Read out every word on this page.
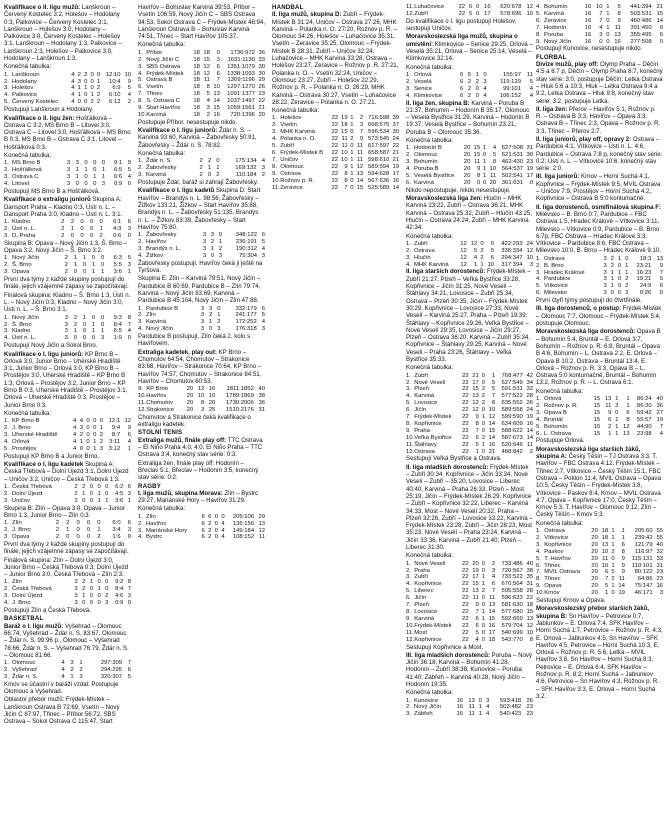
Kvalifikace o II. ligu mužů: Lanškroun – Červený Kostelec 3:2, Holešov – Hodolany 0:3, Palkovice – Červený Kostelec 3:1, Lanškroun – Holešov 3:0, Hodolany – Palkovice 3:0, Červený Kostelec – Holešov 3:1, Lanškroun – Hodolany 1:3, Palkovice – Lanškroun 2:3, Holešov – Palkovice 3:0, Hodolany – Lanškroun 1:3.

Konečná tabulka:

1.	Lanškroun	4	2	2	0	0	12:10	10
2.	Hodolany	4	3	0	0	1	10:4	9
3.	Holešov	4	1	1	0	2	6:9	5
4.	Palkovice	4	1	0	1	2	6:10	4
5.	Červený Kostelec	4	0	0	2	2	6:12	2

Postupují Lanškroun a Hodolany.

Kvalifikace o II. ligu žen: Hošťálková – Ostrava C 3:2, MS Brno B – Litovel 3:0, Ostrava C – Litovel 3:0, Hošťálková – MS Brno B 0:3, MS Brno B – Ostrava C 3:1, Litovel – Hošťálková 0:3.

Konečná tabulka:

1.	MS Brno B	3	3	0	0	0	9:1	9
2.	Hošťálková	3	1	1	0	1	6:5	5
3.	Ostrava C	3	1	0	1	1	6:6	4
4.	Litovel	3	0	0	0	3	0:9	0

Postupují MS Brno B a Hošťálková.

Kvalifikace o extraligu juniorů Skupina A: Dansport Praha – Kladno 0:3, Ústí n. L. – Dansport Praha 3:0, Kladno – Ústí n. L. 3:1.

1.	Kladno	2	2	0	0	0	6:1	6
2.	Ústí n. L.	2	1	0	0	1	4:3	3
3.	D. Praha	2	0	0	0	2	0:6	0

Skupina B: Opava – Nový Jičín 1:3, Š. Brno – Opava 3:2, Nový Jičín – Š. Brno 3:2.

1.	Nový Jičín	2	1	1	0	0	6:3	5
2.	Š. Brno	2	1	0	1	0	5:5	3
3.	Opava	2	0	0	1	1	3:6	1

První dva týmy z každé skupiny postupují do finále, jejich vzájemné zápasy se započítávají.

Finálová skupina: Kladno – Š. Brno 1:3, Ústí n. L. – Nový Jičín 0:3, Kladno – Nový Jičín 3:0, Ústí n. L. – Š. Brno 3:1.

1.	Nový Jičín	3	2	1	0	0	9:3	8
2.	Š. Brno	3	2	0	1	0	8:4	7
3.	Kladno	3	1	0	1	1	6:5	4
4.	Ústí n. L.	3	0	0	0	3	1:9	0

Postupují Nový Jičín a Sokol Brno.

Kvalifikace o I. ligu juniorů: KP Brno B – Orlová 3:0, Junior Brno – Uherské Hradiště 3:1, Junior Brno – Orlová 3:0, KP Brno B – Prostějov 3:0, Uherské Hradiště – KP Brno B 1:3, Orlová – Prostějov 3:2, Junior Brno – KP Brno B 0:3, Uherské Hradiště – Prostějov 3:1, Orlová – Uherské Hradiště 0:3, Prostějov – Junior Brno 0:3.

Konečná tabulka:

1.	KP Brno B	4	4	0	0	0	12:1	12
2.	J. Brno	4	3	0	0	1	9:4	9
3.	Uherské Hradiště	4	2	0	0	2	8:7	6
4.	Orlová	4	1	0	1	2	3:11	4
5.	Prostějov	4	0	0	1	3	3:12	1

Postupují KP Brno B a Junior Brno.

Kvalifikace o I. ligu kadetek Skupina A: Česká Třebová – Dolní Újezd 3:1, Dolní Újezd – Uničov 3:2, Uničov – Česká Třebová 1:3.

1.	Česká Třebová	2	2	0	0	0	6:2	6
2.	Dolní Újezd	2	1	0	1	0	4:5	3
3.	Uničov	2	0	0	1	1	3:6	1

Skupina B: Zlín – Opava 3:0, Opava – Junior Brno 1:3, Junior Brno – Zlín 0:3.

1.	Zlín	2	2	0	0	0	6:0	6
2.	J. Brno	2	1	0	0	1	3:4	3
3.	Opava	2	0	0	0	2	1:6	0

První dva týmy z každé skupiny postupují do finále, jejich vzájemné zápasy se započítávají.

Finálová skupina: Zlín – Dolní Újezd 3:0, Junior Brno – Česká Třebová 0:3, Dolní Újezd – Junior Brno 3:0, Česká Třebová – Zlín 2:3.

1.	Zlín	3	2	1	0	0	9:2	8
2.	Česká Třebová	3	2	0	1	0	8:4	7
3.	Dolní Újezd	3	1	0	0	2	4:6	3
4.	J. Brno	3	0	0	0	3	0:9	0

Postupují Zlín a Česká Třebová.

BASKETBAL

Baráž o I. ligu mužů: Vyšehrad – Olomouc 66:74, Vyšehrad – Ždár n. S. 83:67, Olomouc – Ždár n. S. 99:96 p., Olomouc – Vyšehrad 78:66, Ždár n. S. – Vyšehrad 76:79, Ždár n. S. – Olomouc 81:66.

1.	Olomouc	4	3	1	297:309	7
2.	Vyšehrad	4	2	2	294:295	6
3.	Ždár n. S.	4	1	3	320:307	5

Kmov se účastní v baráži vzdal. Postupuje Olomouc a Vyšehrad.

Oblastní přebor mužů: Frýdek-Místek – Lanškroun Ostrava B 72:69, Vsetín – Nový Jičín C 87:97, Třinec – Příbor 56:72, SBS Ostrava – Sokol Ostrava C 115:47, Start

Havířov – Bohuslav Karviná 39:53, Příbor – Vsetín 106:59, Nový Jičín C – SBS Ostrava 94:53, Sokol Ostrava C – Frýdek-Místek 46:94, Lanškroun Ostrava B – Bohuslav Karviná 74:51, Třinec – Start Havířov 105:37.

Konečná tabulka:

1.	Příbor	18	18	0	1736:972	36
2.	Nový Jičín C	18	15	3	1631:1130	33
3.	SBS Ostrava	18	12	6	1351:1079	30
4.	Frýdek-Místek	18	12	6	1338:1093	30
5.	Ostrava B	18	11	7	1309:1196	29
6.	Vsetín	18	8	10	1297:1270	26
7.	Třinec	18	5	13	1091:1377	23
8.	S. Ostrava C	18	4	14	1037:1497	22
9.	Start Havířov	18	3	15	1059:1561	21
10.	Karviná	18	2	16	720:1396	20

Postupuje Příbor, nesestupuje nikdo.

Kvalifikace o I. ligu juniorů: Ždár n. S. – Karviná 93:60, Karviná – Žabovřesky 50:91, Žabovřesky – Ždár n. S. 78:82.

Konečná tabulka:

1.	Ždár n. S.	2	2	0	175:134	4
2.	Žabovřesky	2	1	1	169:132	3
3.	Karviná	2	0	2	110:184	2

Postupuje Ždár, baráž si zahrají Žabovřesky.

Kvalifikace o I. ligu kadetů Skupina D: Start Havířov – Brandýs n. L. 98:56, Žabovřesky – Žižkov 133:21, Žižkov – Start Havířov 35:88, Brandýs n. L. – Žabovřesky 51:135, Brandýs n. L. – Žižkov 83:39, Žabovřesky – Start Havířov 75:80.

1.	Žabovřesky	3	3	0	348:122	6
2.	Havířov	3	2	1	236:191	5
3.	Brandýs n. L.	3	1	2	190:312	4
4.	Žižkov	3	0	3	75:304	3

Žabovřesky postupují, Havířov čeká ji ještě na Tyršova.

Skupina E: Zlín – Karviná 79:51, Nový Jičín – Pardubice B 60:69, Pardubice B – Zlín 79:74, Karviná – Nový Jičín 83:69, Karviná – Pardubice B 45:104, Nový Jičín – Zlín 47:88.

1.	Pardubice B	3	3	0	332:179	6
2.	Zlín	3	2	1	241:177	5
3.	Karviná	3	1	2	172:252	4
4.	Nový Jičín	3	0	3	176:318	3

Pardubice B postupují, Zlín čeká 2. kolo s Havířovem.

Extraliga kadetek, play out: KP Brno – Chomutov 64:54, Chomutov – Strakonice 83:68, Havířov – Strakonice 70:64, KP Brno – Havířov 74:57, Chomutov – Strakonice 84:51, Havířov – Chomutov 60:53.

9.	KP Brno	20	12	16	1811:1852	40
10.	Havířov	20	10	10	1789:1869	38
11.	Chomutov	20	8	20	1730:2006	36
12.	Strakonice	20	3	25	1510:2176	31

Chomutov a Strakonice čeká kvalifikace o extraligu kadetek.

STOLNÍ TENIS

Extraliga mužů, finále play off: TTC Ostrava – El Niño Praha 4:0, 4:0, El Niño Praha – TTC Ostrava 3:4, konečný stav série: 0:3.

Extraliga žen, finále play off: Hodonín – Břeclav 5:1, Břeclav – Hodonín 3:5, konečný stav série: 0:2.

RAGBY

I. liga mužů, skupina Morava: Zlín – Bystrc 29:27, Mariánské Hory – Havířov 31:29.

Konečná tabulka:

1.	Zlín	6	6	0	0	205:106	29
2.	Havířov	6	2	0	4	136:156	13
3.	Mariánské Hory	6	2	0	4	149:184	12
4.	Bystrc	6	2	0	4	108:152	11
HANDBAL

II. liga mužů, skupina D: Zubří – Frýdek-Místek B 31:24, Uničov – Ostrava 27:26, MHK Karviná – Polanka n. O. 27:20, Rožnov p. R. – Olomouc 34:26, Holešov – Luhačovice 35:31, Vsetín – Zeravice 35:25, Olomouc – Frýdek-Místek B 28:31, Zubří – Uničov 32:24, Luhačovice – MHK Karviná 33:28, Ostrava – Holešov 23:27, Zeravice – Rožnov p. R. 27:21, Polanka n. O. – Vsetín 32:24, Uničov – Olomouc 23:27, Zubří – Holešov 22:29, Rožnov p. R. – Polanka n. O. 26:29, MHK Karviná – Ostrava 30:27, Vsetín – Luhačovice 28:22, Zeravice – Polanka n. O. 27:21.

Konečná tabulka:

1.	Holešov	22	19	1	2	716:598	39
2.	Vsetín	22	18	1	3	668:575	37
3.	MHK Karviná	22	15	0	7	596:534	30
4.	Polanka n. O.	22	11	2	9	573:545	24
5.	Zubří	22	11	0	11	617:597	22
6.	Frýdek-Místek B	22	10	1	11	658:587	21
7.	Uničov	22	10	1	11	598:610	21
8.	Olomouc	22	9	1	12	589:594	19
9.	Ostrava	22	8	1	13	594:628	17
10.	Rožnov p. R.	22	8	0	14	567:636	16
11.	Zeravice	22	7	0	15	525:589	14
11.	Luhačovice	22	6	0	16	620:678	12
12.	Zubří	22	5	0	17	578:696	10

Do kvalifikace o I. ligu postupují Holešov, sestupují Uničov.

Moravskoslezská liga mužů, skupina o umístění: Klimkovice – Senice 29:25, Orlová – Veselá 35:21, Orlová – Senice 25:14, Veselá – Klimkovice 32:14.

Konečná tabulka:

1.	Orlová	6	5	1	0	155:97	11
2.	Veselá	6	2	2	3	119:129	5
3.	Senice	6	2	0	4	99:101	4
4.	Klimkovice	6	2	0	4	106:152	4

II. liga žen, skupina B: Karviná – Poruba B 21:37, Bohumín – Hodonín B 35:17, Olomouc – Veselá Bystřice 31:29, Karviná – Hodonín B 19:37, Veselá Bystřice – Bohumín 23:21, Poruba B – Olomouc 35:36.

Konečná tabulka:

1.	Hodonín B	20	15	1	4	627:508	31
2.	Olomouc	20	15	0	5	621:531	30
3.	Bohumín	20	11	1	8	462:430	23
4.	Poruba B	20	9	1	10	564:537	19
5.	Veselá Bystřice	20	8	1	11	502:541	17
6.	Karviná	20	0	0	20	361:631	0

Nikdo nepostupuje, nikdo nesestupuje.

Moravskoslezská liga žen: Hlučín – MHK Karviná 23:22, Zubří – Ostrava 36:21, MHK Karviná – Ostrava 25:32, Zubří – Hlučín 43:25, Hlučín – Ostrava 24:24, Zubří – MHK Karviná 42:34.

Konečná tabulka:

1.	Zubří	12	12	0	0	422:293	24
2.	Ostrava	12	5	2	5	336:334	12
3.	Hlučín	12	4	2	6	294:347	10
4.	MHK Karviná	12	1	1	10	317:394	3

II. liga starších dorostenců: Frýdek-Místek – Zubří 21:27, Plzeň – Veľká Bystřice 33:28, Kopřivnice – Jičín 31:25, Nové Veselí – Štáhlavy 34:21, Lovosice – Zubří 25:34, Ostrava – Plzeň 30:35, Jičín – Frýdek-Místek 30:29, Kopřivnice – Lovosice 27:33, Nové Veselí – Karviná 25:27, Praha – Plzeň 19:39, Štáhlavy – Kopřivnice 29:26, Veľká Bystřice – Nové Veselí 29:35, Lovosice – Jičín 29:27, Plzeň – Ostrava 36:20, Karviná – Zubří 35:34, Kopřivnice – Štáhlavy 29:25, Karviná – Nové Veselí – Praha 23:26, Štáhlavy – Veľká Bystřice 35:33.

Konečná tabulka:

1.	Zubří	22	21	0	1	768:477	42
2.	Nové Veselí	22	17	0	5	627:549	34
3.	Plzeň	22	15	2	5	591:531	32
4.	Karviná	22	13	2	7	577:522	28
5.	Lovosice	22	12	2	8	635:552	26
6.	Jičín	22	12	0	10	589:558	24
7.	Frýdek-Místek	22	9	1	12	599:590	19
8.	Kopřivnice	22	8	0	14	634:609	16
9.	Praha	22	7	0	15	588:622	14
10.	Veľká Bystřice	22	6	2	14	587:673	14
11.	Štáhlavy	22	5	1	16	520:646	11
12.	Ostrava	22	1	0	21	488:842	2

Sestupují Veľká Bystřice a Ostrava.

II. liga mladších dorostenců: Frýdek-Místek – Zubří 30:34, Kopřivnice – Jičín 33:34, Nové Veselí – Zubří – 35:20, Lovosice – Liberec 40:40, Karviná – Praha 26:33, Plzeň – Most 25:19, Jičín – Frýdek-Místek 26:29, Kopřivnice – Zubří – Kopřivnice 32:22, Liberec – Karviná 34:33, Most – Nové Veselí 20:32, Praha – Plzeň 32:26, Zubří – Lovosice 33:22, Karviná – Frýdek-Místek 23:28, Zubří – Jičín 28:23, Most 35:23, Nové Veselí – Praha 23:24, Karviná – Jičín 33:36, Karviná – Zubří 21:40, Plzeň – Liberec 31:30.

Konečná tabulka:

1.	Nové Veselí	22	20	0	2	733:486	40
2.	Praha	22	19	0	3	720:567	38
3.	Zubří	22	17	1	4	733:522	35
4.	Kopřivnice	22	15	1	6	670:564	31
5.	Liberec	22	13	2	7	595:558	28
6.	Jičín	22	11	0	11	596:633	22
7.	Plzeň	22	9	0	13	581:630	18
8.	Lovosice	22	7	1	14	577:680	15
9.	Karviná	22	6	1	15	592:669	13
10.	Frýdek-Místek	22	6	0	16	579:704	12
11.	Most	22	5	0	17	540:699	10
12.	Kopřivnice	22	4	0	18	543:770	8

Sestupují Kopřivnice a Most.

III. liga mladších dorostenců: Poruba – Nový Jičín 36:18, Karviná – Bohumín 41:28, Hodonín – Zubří 38:38, Kunovice – Poruba 41:40, Zábřeh – Karviná 40:28, Nový Jičín – Hodonín 19:35.

Konečná tabulka:

1.	Kunovice	16	13	0	3	593:418	26
2.	Nový Jičín	16	11	1	4	503:482	23
3.	Zábřeh	16	11	1	4	540:423	23
4.	Bohumín	16	10	1	5	441:394	21
5.	Karviná	16	7	1	8	503:531	15
6.	Zeravice	16	7	0	9	460:486	14
7.	Hodonín	16	4	1	11	391:450	9
8.	Poruba	16	3	0	13	355:495	6
9.	Nový Jičín	16	0	0	16	277:508	0

Postupují Kunovice, nesestupuje nikdo.

FLORBAL

Divize mužů, play off: Olymp Praha – Děčín 4:5 a 6:7 p, Děčín – Olymp Praha 8:7, konečný stav série: 3:0, postupuje Děčín; Letka Ostrava – Hluk 5:6 a 10:3, Hluk – Letka Ostrava 9:4 a 9:2, Letka Ostrava – Hluk 9:8, konečný stav série: 3:2, postupuje Letka.

II. liga žen: Přerov – Havířov 5:1, Rožnov p. R. – Ostrava B 3:3, Havířov – Opava 3:3, Ostrava B – Třinec 2:3, Opava – Rožnov p. R. 3:3, Třinec – Přerov 2:7.

II. liga juniorů, play off, opravy 2: Ostrava – Pardubice 4:1, Vítkovice – Ústí n. L. 4:6, Pardubice – Ostrava 7:8 p, konečný stav série: 0:2; Ústí n. L. – Vítkovice 10:6, konečný stav série: 2:0.

III. liga juniorů: Krnov – Horní Suchá 4:1, Kopřivnice – Frýdek-Místek 9:5, MVIL Ostrava – Uničov 7:9, Prostějov – Horní Suchá 4:2, Kopřivnice – Ostrava B 5:0 kontumačně.

II. liga dorostenců, osmifinálová skupina F: Milevsko – B. Brno 0:7, Pardubice – FBC Ostrava 1:5, Hradec Králové – Vítkovice 3:11, Milevsko – Vítkovice 0:9, Pardubice – B. Brno 6:7p, FBC Ostrava – Hradec Králové 3:3, Vítkovice – Pardubice 8:6, FBC Ostrava – Milevsko 10:0, B. Brno – Hradec Králové 9:10.

1.	Ostrava	3	2	1	0	18:3	13
2.	B. Brno	3	2	0	1	23:21	9
3.	Hradec Králové	3	1	1	1	16:23	7
4.	Pardubice	3	1	0	2	19:21	5
5.	Vítkovice	3	1	0	2	24:9	6
6.	Milevsko	3	0	0	3	0:26	0

První čtyři týmy postupují do čtvrtfinále.

III. liga dorostenců, o postup: Frýdek-Místek – Olomouc 7:7, Olomouc – Frýdek-Místek 5:4, postupuje Olomouc.

Moravskoslezská liga dorostenců: Opava B – Bohumín 5:4, Bruntál – E. Orlová 3:7, Bohumín – Rožnov p. R. 6:8, Bruntál – Opava B 4:6, Bohumín – L. Ostrava 2:2, E. Orlová – Opava B 10:2, Ostrava – Bruntál 13:4, E. Orlová – Rožnov p. R. 3:3, Opava B – L. Ostrava 5:0 kontumačně, Bruntál – Bohumín 13:2, Rožnov p. R. – L. Ostrava 6:1.

Konečná tabulka:

1.	Orlová	15	13	1	1	86:24	40
2.	Rožnov p. R.	15	11	3	1	86:30	36
3.	Opava B	15	9	0	6	59:42	27
4.	Bruntál	15	6	1	8	55:57	19
5.	Bohumín	15	2	1	12	44:90	7
6.	L. Ostrava	15	1	1	13	23:98	4

Postupuje Orlová.

Moravskoslezská liga starších žáků, skupina A: Český Těšín – TJ Ostrava 3:3, T. Havířov – FBC Ostrava 4:12, Frýdek-Místek – Třinec 2:7, Vítkovice – Český Těšín 15:1, FBC Ostrava – Poklon 11:4, MVIL Ostrava – Opava 10:5, Český Těšín – Frýdek-Místek 3:8, Vítkovice – Paskov 8:4, Krnov – MVIL Ostrava 4:7, Opava – Kopřivnice 17:0, Český Těšín – Krnov 5:3, T. Havířov – Olomouc 9:12, Zlín – Český Těšín – Krnov 5:3.

Konečná tabulka:

1.	Ostrava	20	18	1	1	205:60	55
2.	Vítkovice	20	18	1	1	239:42	55
3.	Kopřivnice	20	13	1	6	121:79	40
4.	Paskov	20	10	2	8	116:97	32
5.	T. Havířov	20	11	0	9	115:131	33
6.	Třinec	20	10	1	9	110:101	31
7.	MVIL Ostrava	20	6	5	9	80:122	23
8.	Třinec	20	7	2	11	64:86	23
9.	Opava	20	5	1	14	75:147	16
10.	Krnov	20	1	0	19	46:171	3

Sestupují Krnov a Opava.

Moravskoslezský přebor starších žáků, skupina B: Sn Havířov – Petrovice 0:7, Jablunkov – E. Orlová 7:4, SFK Havířov – Horní Suchá 1:7, Petrovice – Rožnov p. R. 4:3, E. Orlová – Jablunkov 4:5, Sn Havířov – SFK Havířov 4:5, Petrovice – Horní Suchá 10:3, E. Orlová – Rožnov p. R. 5:6, Letka – MVIL Havířov 3:8, Sn Havířov – Horní Suchá 8:3, Petrovice – E. Orlová 6:4, SFK Havířov – Rožnov p. R. 8:2, Horní Suchá – Jablunkov 4:6, Petrovice – Sn Havířov 4:3, Rožnov p. R. – SFK Havířov 3:3, E. Orlová – Horní Suchá 3:2.
